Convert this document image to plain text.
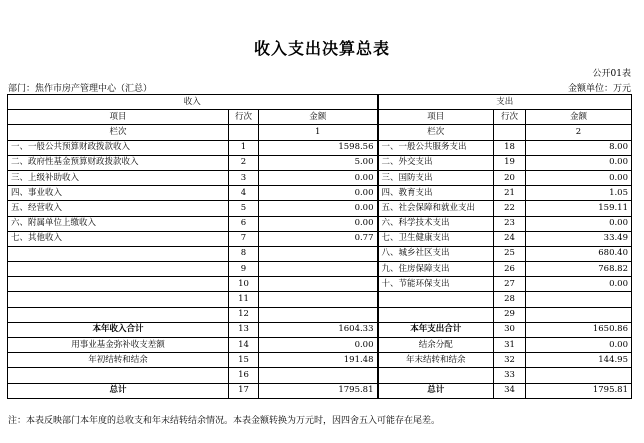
收入支出决算总表
公开01表
部门：焦作市房产管理中心（汇总）	金额单位：万元
收入			支出		
项目	行次	金额	项目	行次	金额
栏次		1	栏次		2
一、一般公共预算财政拨款收入	1	1598.56	一、一般公共服务支出	18	8.00
二、政府性基金预算财政拨款收入	2	5.00	二、外交支出	19	0.00
三、上级补助收入	3	0.00	三、国防支出	20	0.00
四、事业收入	4	0.00	四、教育支出	21	1.05
五、经营收入	5	0.00	五、社会保障和就业支出	22	159.11
六、附属单位上缴收入	6	0.00	六、科学技术支出	23	0.00
七、其他收入	7	0.77	七、卫生健康支出	24	33.49
	8		八、城乡社区支出	25	680.40
	9		九、住房保障支出	26	768.82
	10		十、节能环保支出	27	0.00
	11			28	
	12			29	
本年收入合计	13	1604.33	本年支出合计	30	1650.86
用事业基金弥补收支差额	14	0.00	结余分配	31	0.00
年初结转和结余	15	191.48	年末结转和结余	32	144.95
	16			33	
总计	17	1795.81	总计	34	1795.81
注：本表反映部门本年度的总收支和年末结转结余情况。本表金额转换为万元时，因四舍五入可能存在尾差。
